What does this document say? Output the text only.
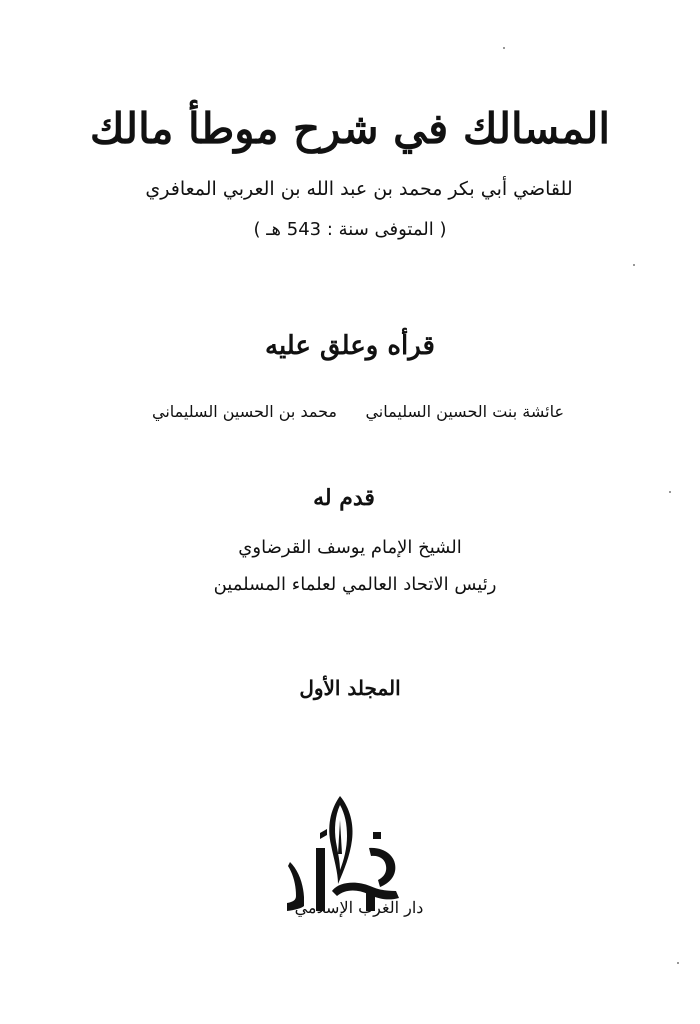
المسالك في شرح موطأ مالك
للقاضي أبي بكر محمد بن عبد الله بن العربي المعافري
( المتوفى سنة : 543 هـ )
قرأه وعلق عليه
محمد بن الحسين السليماني عائشة بنت الحسين السليماني
قدم له
الشيخ الإمام يوسف القرضاوي
رئيس الاتحاد العالمي لعلماء المسلمين
المجلد الأول
دار الغرب الإسلامي
